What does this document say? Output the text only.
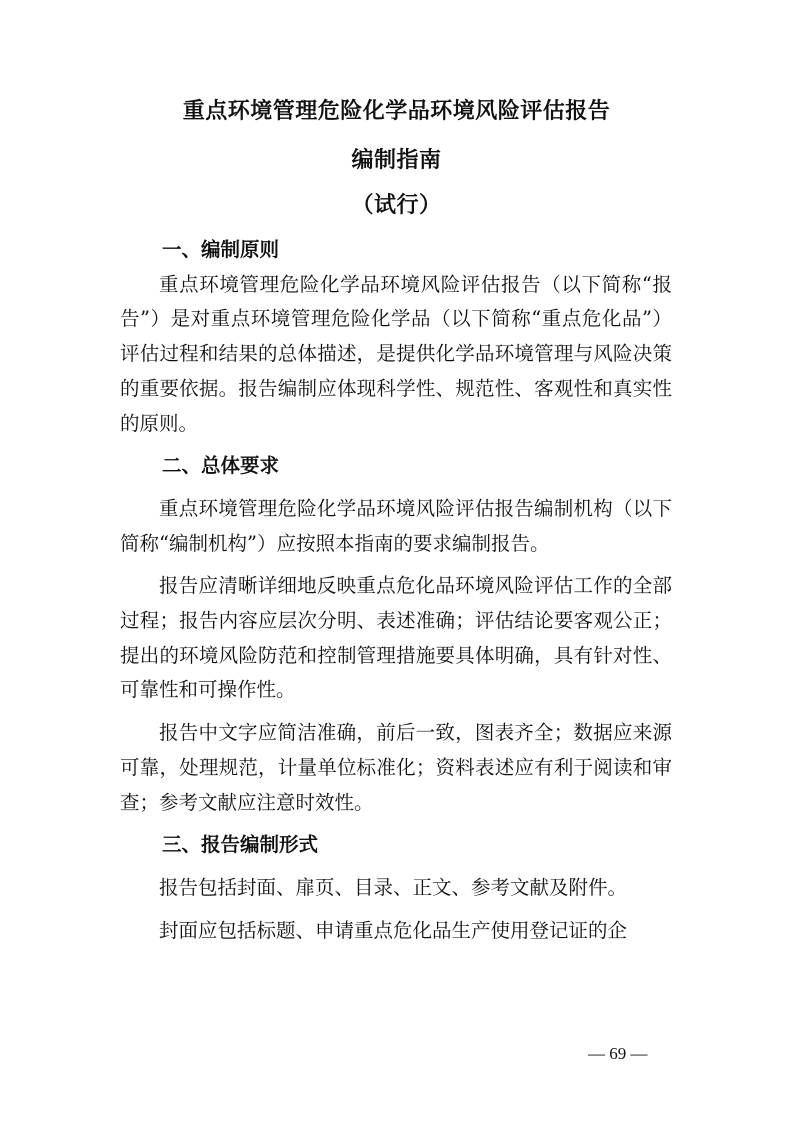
重点环境管理危险化学品环境风险评估报告
编制指南
（试行）
一、编制原则

重点环境管理危险化学品环境风险评估报告（以下简称“报告”）是对重点环境管理危险化学品（以下简称“重点危化品”）评估过程和结果的总体描述，是提供化学品环境管理与风险决策的重要依据。报告编制应体现科学性、规范性、客观性和真实性的原则。

二、总体要求

重点环境管理危险化学品环境风险评估报告编制机构（以下简称“编制机构”）应按照本指南的要求编制报告。

报告应清晰详细地反映重点危化品环境风险评估工作的全部过程；报告内容应层次分明、表述准确；评估结论要客观公正；提出的环境风险防范和控制管理措施要具体明确，具有针对性、可靠性和可操作性。

报告中文字应简洁准确，前后一致，图表齐全；数据应来源可靠，处理规范，计量单位标准化；资料表述应有利于阅读和审查；参考文献应注意时效性。

三、报告编制形式

报告包括封面、扉页、目录、正文、参考文献及附件。

封面应包括标题、申请重点危化品生产使用登记证的企

— 69 —
